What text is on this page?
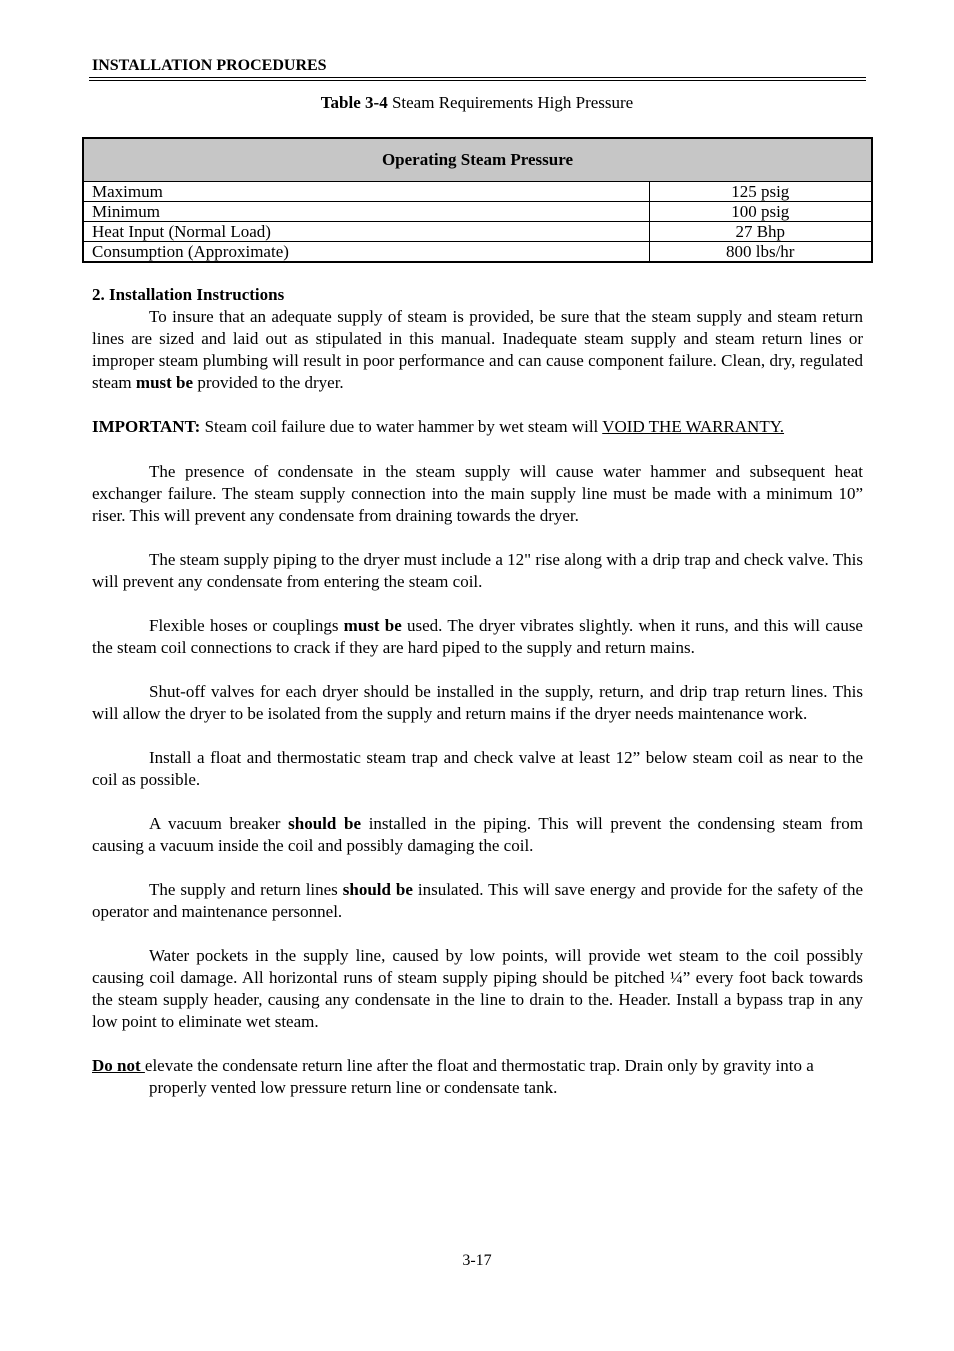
INSTALLATION PROCEDURES
Table 3-4 Steam Requirements High Pressure
Operating Steam Pressure	
Maximum	125 psig
Minimum	100 psig
Heat Input (Normal Load)	27 Bhp
Consumption (Approximate)	800 lbs/hr
2. Installation Instructions

To insure that an adequate supply of steam is provided, be sure that the steam supply and steam return lines are sized and laid out as stipulated in this manual. Inadequate steam supply and steam return lines or improper steam plumbing will result in poor performance and can cause component failure. Clean, dry, regulated steam must be provided to the dryer.

IMPORTANT: Steam coil failure due to water hammer by wet steam will VOID THE WARRANTY.

The presence of condensate in the steam supply will cause water hammer and subsequent heat exchanger failure. The steam supply connection into the main supply line must be made with a minimum 10” riser. This will prevent any condensate from draining towards the dryer.

The steam supply piping to the dryer must include a 12" rise along with a drip trap and check valve. This will prevent any condensate from entering the steam coil.

Flexible hoses or couplings must be used. The dryer vibrates slightly. when it runs, and this will cause the steam coil connections to crack if they are hard piped to the supply and return mains.

Shut-off valves for each dryer should be installed in the supply, return, and drip trap return lines. This will allow the dryer to be isolated from the supply and return mains if the dryer needs maintenance work.

Install a float and thermostatic steam trap and check valve at least 12” below steam coil as near to the coil as possible.

A vacuum breaker should be installed in the piping. This will prevent the condensing steam from causing a vacuum inside the coil and possibly damaging the coil.

The supply and return lines should be insulated. This will save energy and provide for the safety of the operator and maintenance personnel.

Water pockets in the supply line, caused by low points, will provide wet steam to the coil possibly causing coil damage. All horizontal runs of steam supply piping should be pitched ¼” every foot back towards the steam supply header, causing any condensate in the line to drain to the. Header. Install a bypass trap in any low point to eliminate wet steam.

Do not elevate the condensate return line after the float and thermostatic trap. Drain only by gravity into a properly vented low pressure return line or condensate tank.
3-17
